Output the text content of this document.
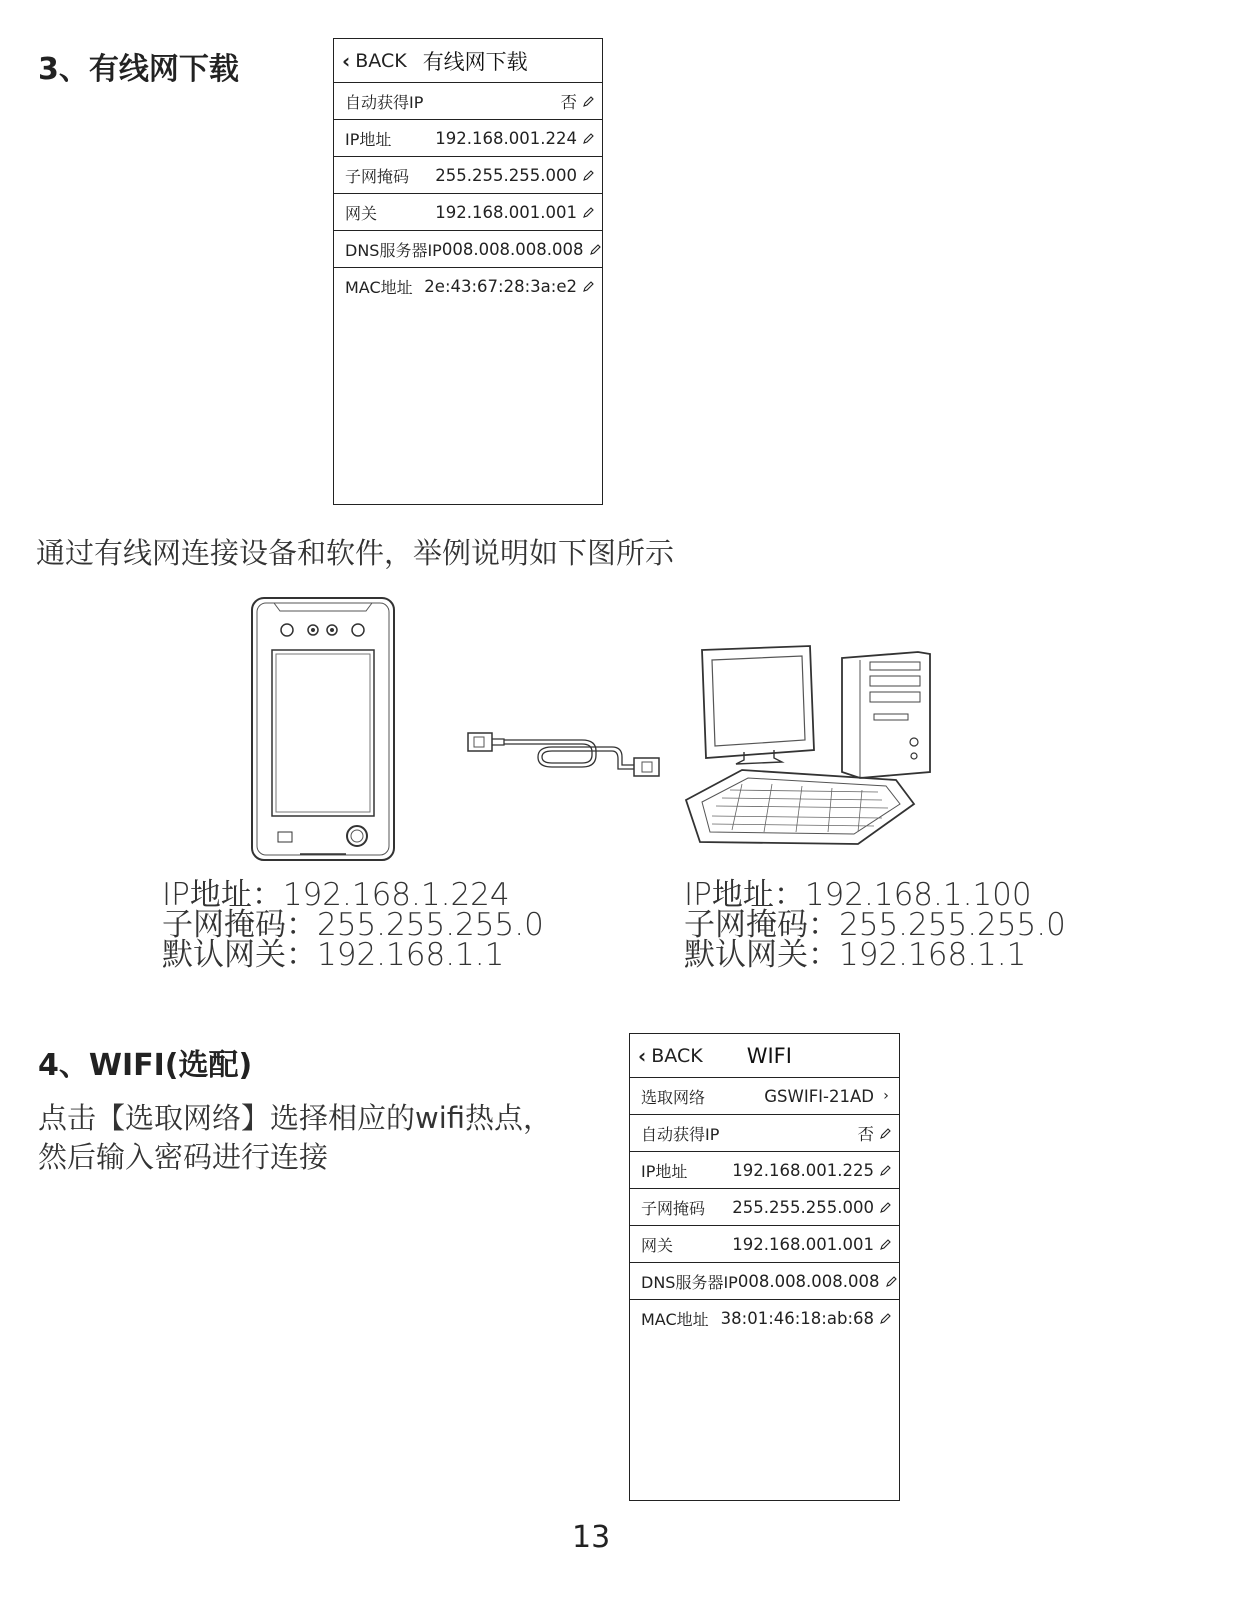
3、有线网下载	‹ BACK 有线网下载
自动获得IP	否
IP地址	192.168.001.224
子网掩码 255.255.255.000
网关	192.168.001.001
DNS服务器IP 008.008.008.008
MAC地址 2e:43:67:28:3a:e2
通过有线网连接设备和软件，举例说明如下图所示
IP地址：192.168.1.224
子网掩码：255.255.255.0
默认网关：192.168.1.1
IP地址：192.168.1.100
子网掩码：255.255.255.0
默认网关：192.168.1.1
4、WIFI(选配)
点击【选取网络】选择相应的wifi热点，
然后输入密码进行连接
‹ BACK WIFI
选取网络	GSWIFI-21AD ›
自动获得IP	否
IP地址	192.168.001.225
子网掩码 255.255.255.000
网关	192.168.001.001
DNS服务器IP 008.008.008.008
MAC地址 38:01:46:18:ab:68
13
